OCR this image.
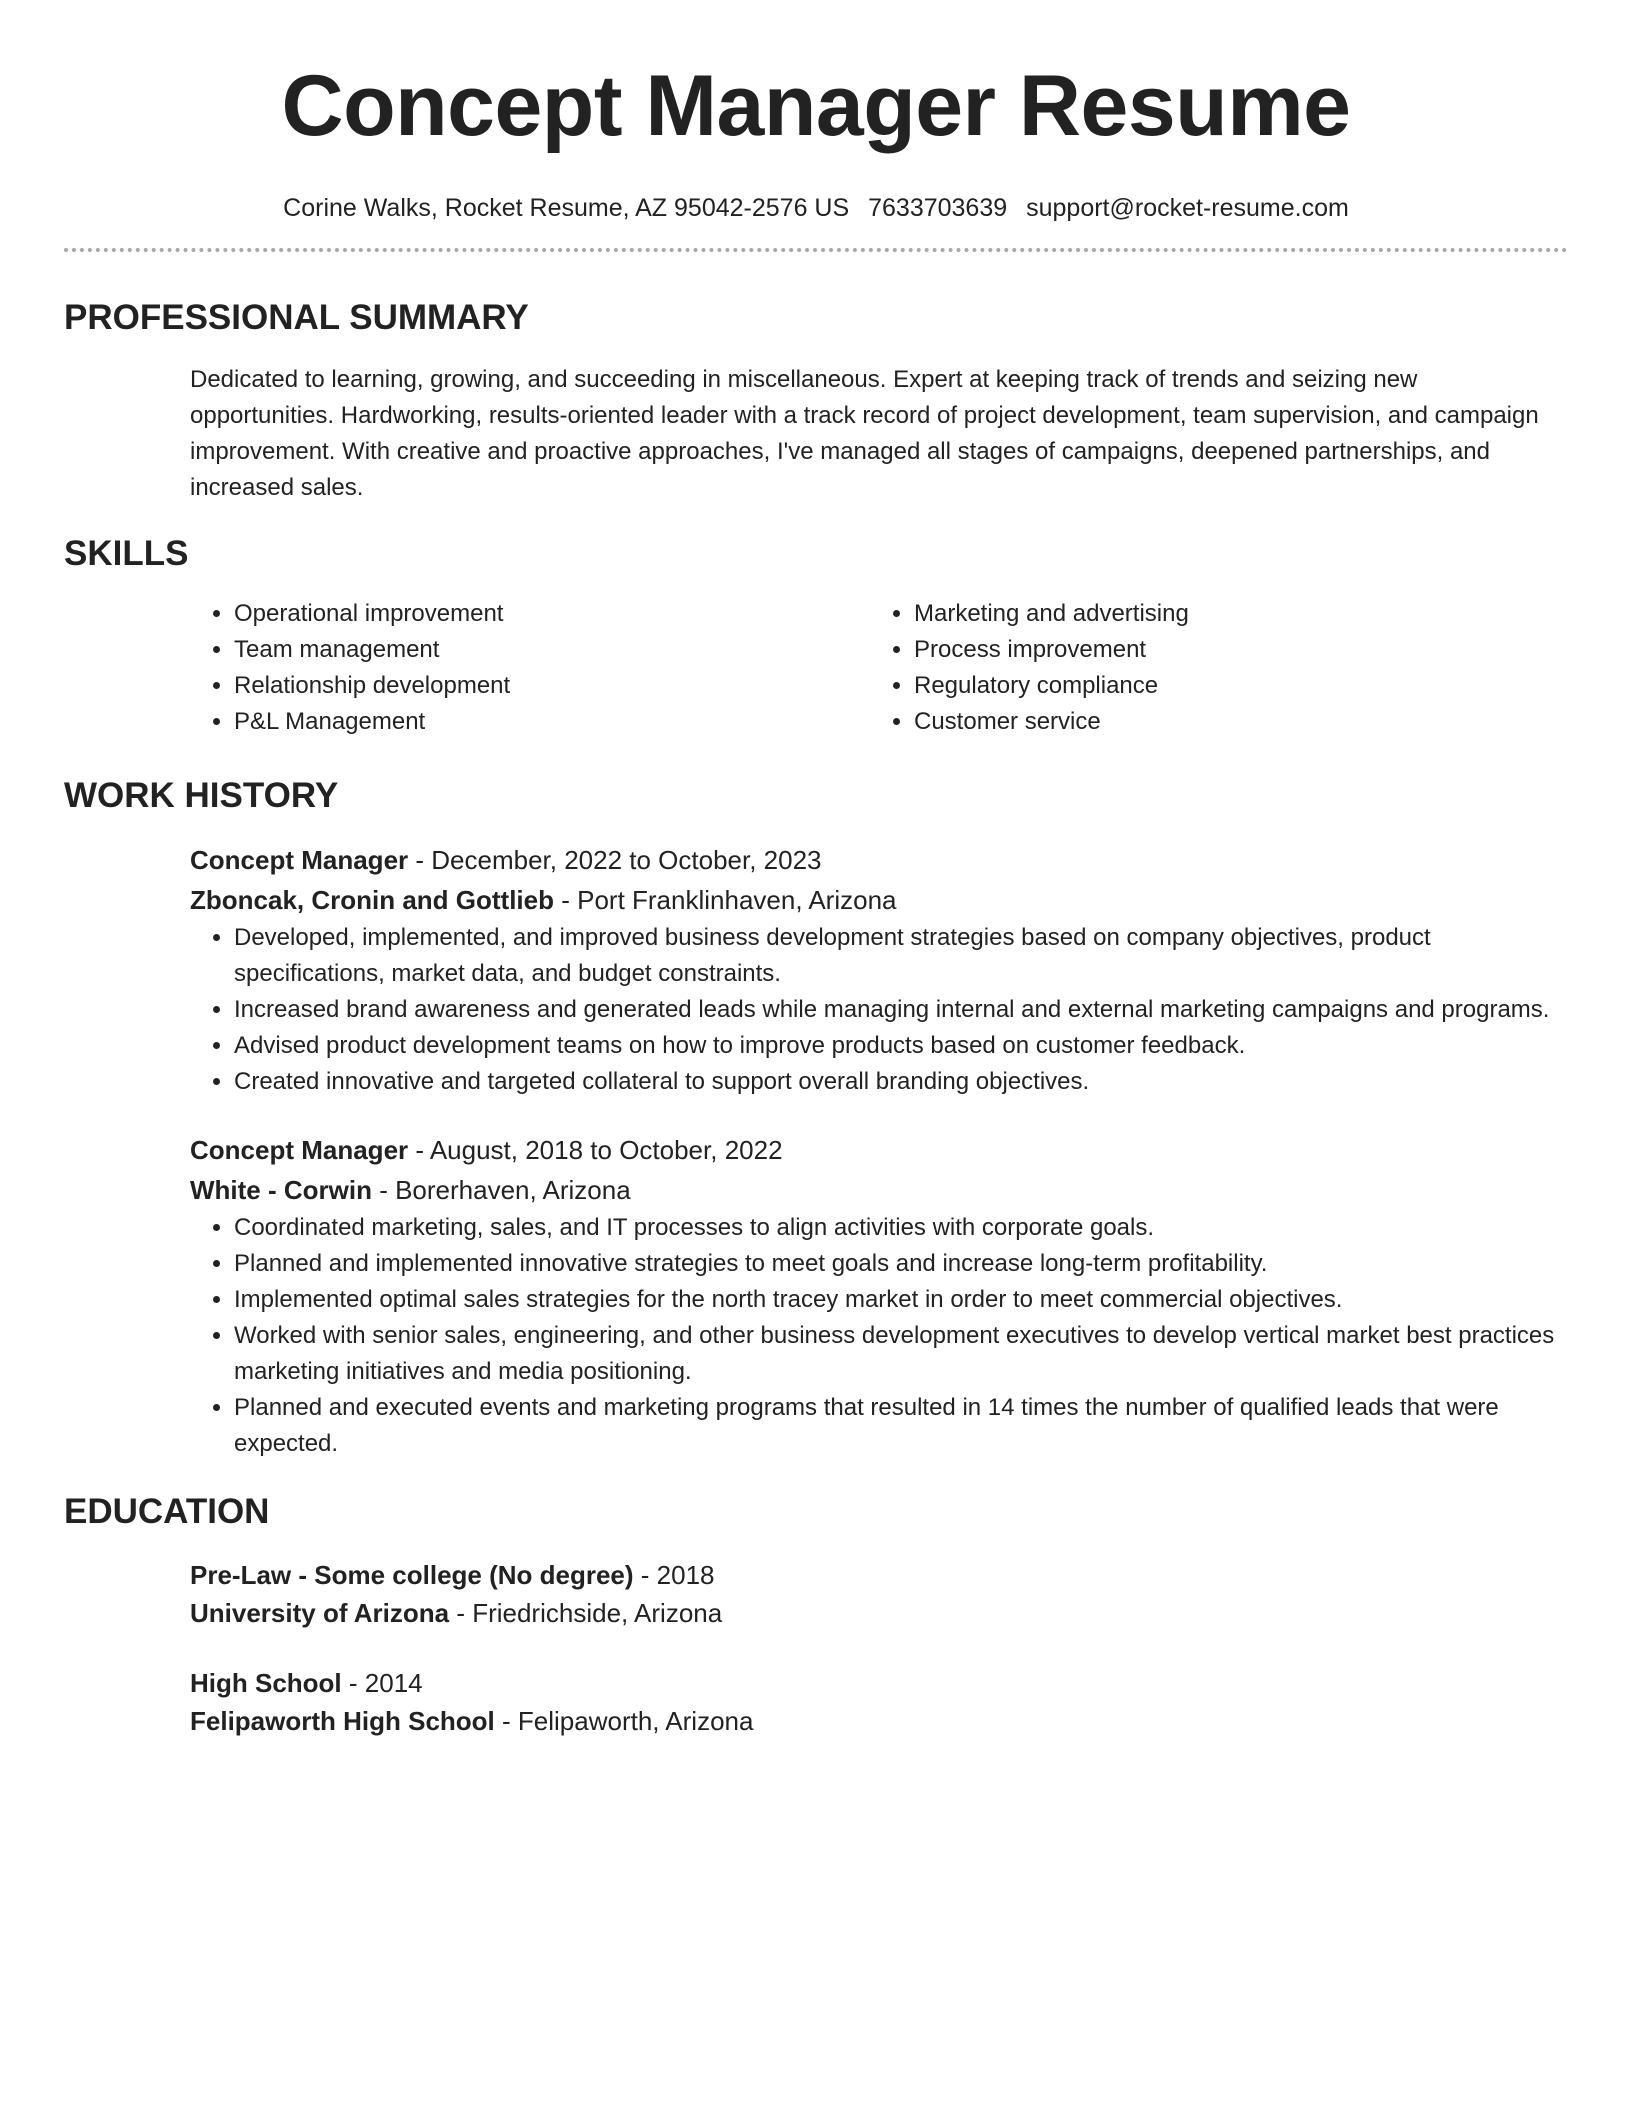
Concept Manager Resume
Corine Walks, Rocket Resume, AZ 95042-2576 US 7633703639 support@rocket-resume.com
PROFESSIONAL SUMMARY

Dedicated to learning, growing, and succeeding in miscellaneous. Expert at keeping track of trends and seizing new opportunities. Hardworking, results-oriented leader with a track record of project development, team supervision, and campaign improvement. With creative and proactive approaches, I've managed all stages of campaigns, deepened partnerships, and increased sales.

SKILLS
• Operational improvement
• Team management
• Relationship development
• P&L Management
• Marketing and advertising
• Process improvement
• Regulatory compliance
• Customer service
WORK HISTORY
Concept Manager - December, 2022 to October, 2023
Zboncak, Cronin and Gottlieb - Port Franklinhaven, Arizona
• Developed, implemented, and improved business development strategies based on company objectives, product specifications, market data, and budget constraints.
• Increased brand awareness and generated leads while managing internal and external marketing campaigns and programs.
• Advised product development teams on how to improve products based on customer feedback.
• Created innovative and targeted collateral to support overall branding objectives.
Concept Manager - August, 2018 to October, 2022
White - Corwin - Borerhaven, Arizona
• Coordinated marketing, sales, and IT processes to align activities with corporate goals.
• Planned and implemented innovative strategies to meet goals and increase long-term profitability.
• Implemented optimal sales strategies for the north tracey market in order to meet commercial objectives.
• Worked with senior sales, engineering, and other business development executives to develop vertical market best practices marketing initiatives and media positioning.
• Planned and executed events and marketing programs that resulted in 14 times the number of qualified leads that were expected.
EDUCATION
Pre-Law - Some college (No degree) - 2018
University of Arizona - Friedrichside, Arizona
High School - 2014
Felipaworth High School - Felipaworth, Arizona
